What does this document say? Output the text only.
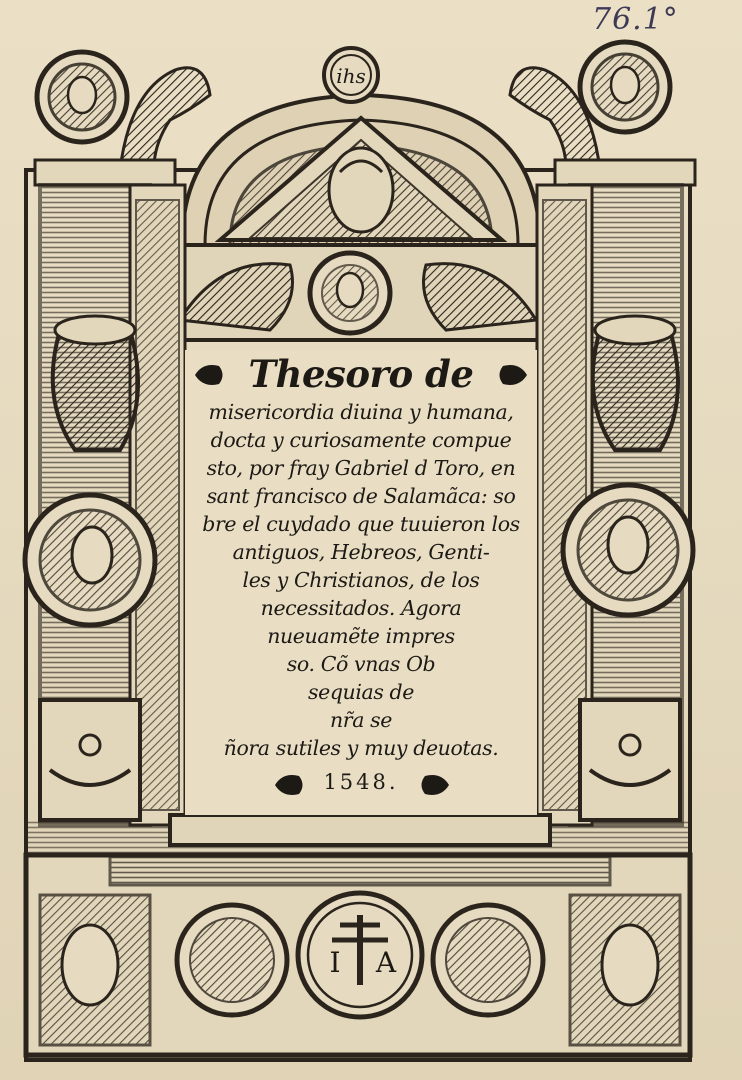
76.1°
ihs
I A
Thesoro de
misericordia diuina y humana,
docta y curiosamente compue
sto, por fray Gabriel d Toro, en
sant francisco de Salamãca: so
bre el cuydado que tuuieron los
antiguos, Hebreos, Genti-
les y Christianos, de los
necessitados. Agora
nueuamẽte impres
so. Cõ vnas Ob
sequias de
nr̃a se
ñora sutiles y muy deuotas.
1548.
